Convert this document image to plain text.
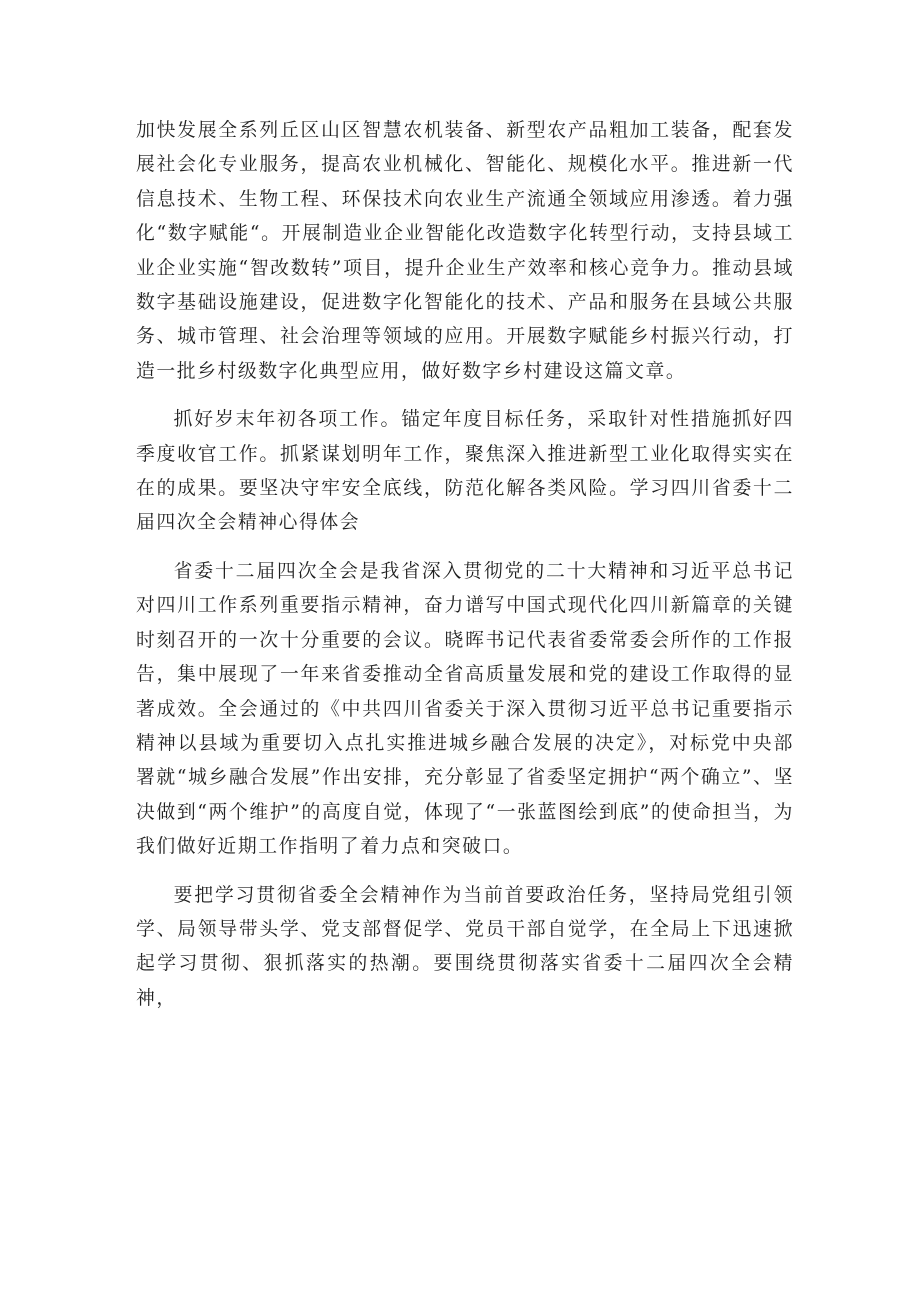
加快发展全系列丘区山区智慧农机装备、新型农产品粗加工装备，配套发展社会化专业服务，提高农业机械化、智能化、规模化水平。推进新一代信息技术、生物工程、环保技术向农业生产流通全领域应用渗透。着力强化“数字赋能“。开展制造业企业智能化改造数字化转型行动，支持县域工业企业实施“智改数转”项目，提升企业生产效率和核心竞争力。推动县域数字基础设施建设，促进数字化智能化的技术、产品和服务在县域公共服务、城市管理、社会治理等领域的应用。开展数字赋能乡村振兴行动，打造一批乡村级数字化典型应用，做好数字乡村建设这篇文章。

抓好岁末年初各项工作。锚定年度目标任务，采取针对性措施抓好四季度收官工作。抓紧谋划明年工作，聚焦深入推进新型工业化取得实实在在的成果。要坚决守牢安全底线，防范化解各类风险。学习四川省委十二届四次全会精神心得体会

省委十二届四次全会是我省深入贯彻党的二十大精神和习近平总书记对四川工作系列重要指示精神，奋力谱写中国式现代化四川新篇章的关键时刻召开的一次十分重要的会议。晓晖书记代表省委常委会所作的工作报告，集中展现了一年来省委推动全省高质量发展和党的建设工作取得的显著成效。全会通过的《中共四川省委关于深入贯彻习近平总书记重要指示精神以县域为重要切入点扎实推进城乡融合发展的决定》，对标党中央部署就“城乡融合发展”作出安排，充分彰显了省委坚定拥护“两个确立”、坚决做到“两个维护”的高度自觉，体现了“一张蓝图绘到底”的使命担当，为我们做好近期工作指明了着力点和突破口。

要把学习贯彻省委全会精神作为当前首要政治任务，坚持局党组引领学、局领导带头学、党支部督促学、党员干部自觉学，在全局上下迅速掀起学习贯彻、狠抓落实的热潮。要围绕贯彻落实省委十二届四次全会精神，
